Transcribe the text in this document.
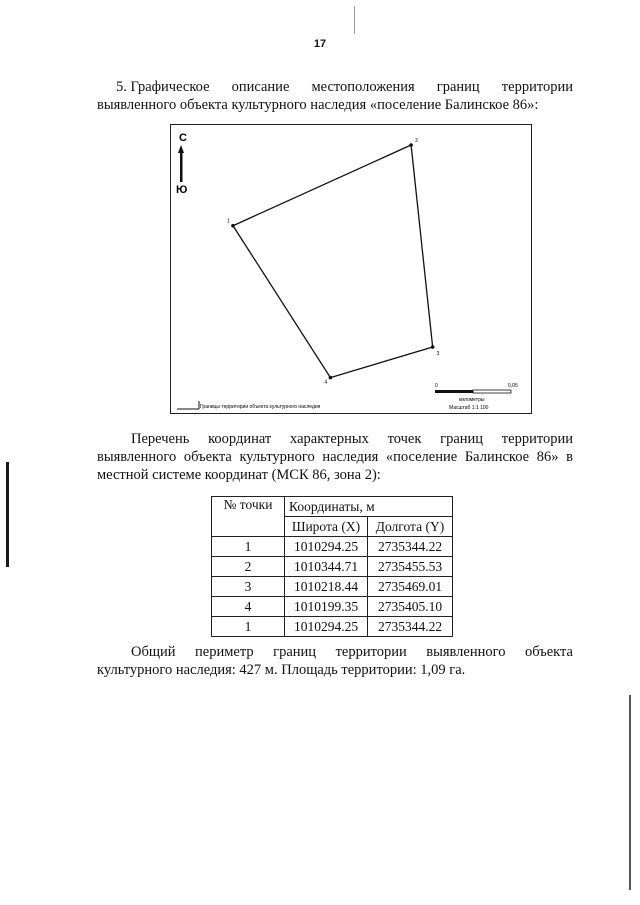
17
5. Графическое описание местоположения границ территории
выявленного объекта культурного наследия «поселение Балинское 86»:
С
Ю
1
2
3
4
Границы территории объекта культурного наследия
0	0,05
километры
Масштаб 1:1 100
Перечень координат характерных точек границ территории
выявленного объекта культурного наследия «поселение Балинское 86» в
местной системе координат (МСК 86, зона 2):
№ точки	Координаты, м	
	Широта (X)	Долгота (Y)
1	1010294.25	2735344.22
2	1010344.71	2735455.53
3	1010218.44	2735469.01
4	1010199.35	2735405.10
1	1010294.25	2735344.22
Общий периметр границ территории выявленного объекта
культурного наследия: 427 м. Площадь территории: 1,09 га.
